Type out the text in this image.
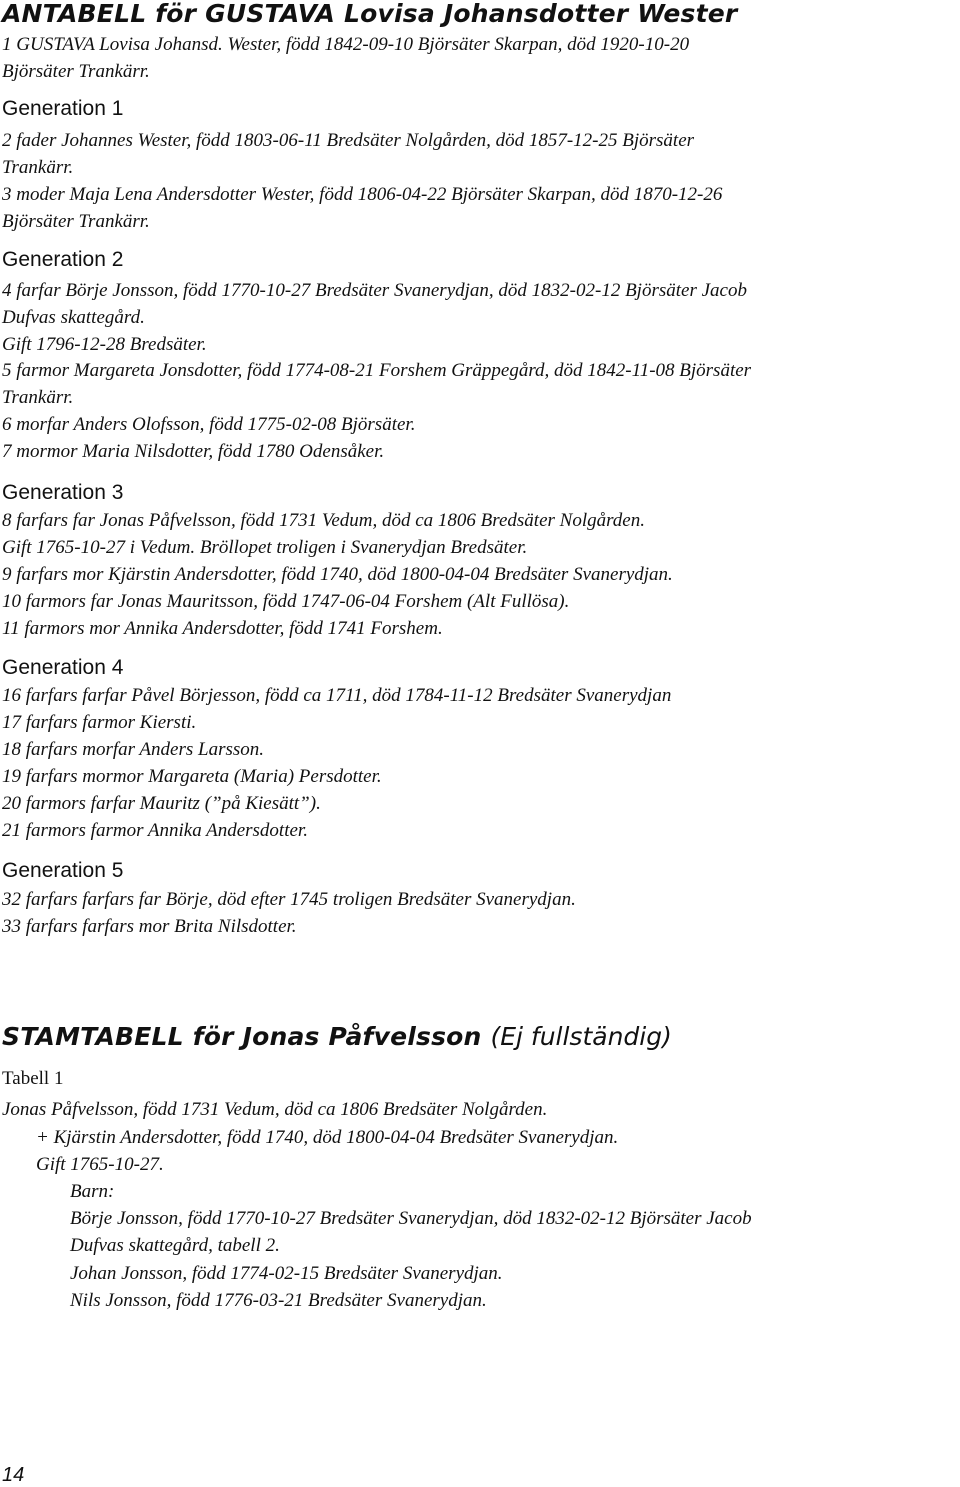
ANTABELL för GUSTAVA Lovisa Johansdotter Wester

1 GUSTAVA Lovisa Johansd. Wester, född 1842-09-10 Björsäter Skarpan, död 1920-10-20

Björsäter Trankärr.

Generation 1

2 fader Johannes Wester, född 1803-06-11 Bredsäter Nolgården, död 1857-12-25 Björsäter

Trankärr.

3 moder Maja Lena Andersdotter Wester, född 1806-04-22 Björsäter Skarpan, död 1870-12-26

Björsäter Trankärr.

Generation 2

4 farfar Börje Jonsson, född 1770-10-27 Bredsäter Svanerydjan, död 1832-02-12 Björsäter Jacob

Dufvas skattegård.

Gift 1796-12-28 Bredsäter.

5 farmor Margareta Jonsdotter, född 1774-08-21 Forshem Gräppegård, död 1842-11-08 Björsäter

Trankärr.

6 morfar Anders Olofsson, född 1775-02-08 Björsäter.

7 mormor Maria Nilsdotter, född 1780 Odensåker.

Generation 3

8 farfars far Jonas Påfvelsson, född 1731 Vedum, död ca 1806 Bredsäter Nolgården.

Gift 1765-10-27 i Vedum. Bröllopet troligen i Svanerydjan Bredsäter.

9 farfars mor Kjärstin Andersdotter, född 1740, död 1800-04-04 Bredsäter Svanerydjan.

10 farmors far Jonas Mauritsson, född 1747-06-04 Forshem (Alt Fullösa).

11 farmors mor Annika Andersdotter, född 1741 Forshem.

Generation 4

16 farfars farfar Påvel Börjesson, född ca 1711, död 1784-11-12 Bredsäter Svanerydjan

17 farfars farmor Kiersti.

18 farfars morfar Anders Larsson.

19 farfars mormor Margareta (Maria) Persdotter.

20 farmors farfar Mauritz (”på Kiesätt”).

21 farmors farmor Annika Andersdotter.

Generation 5

32 farfars farfars far Börje, död efter 1745 troligen Bredsäter Svanerydjan.

33 farfars farfars mor Brita Nilsdotter.

STAMTABELL för Jonas Påfvelsson (Ej fullständig)

Tabell 1

Jonas Påfvelsson, född 1731 Vedum, död ca 1806 Bredsäter Nolgården.

+ Kjärstin Andersdotter, född 1740, död 1800-04-04 Bredsäter Svanerydjan.

Gift 1765-10-27.

Barn:

Börje Jonsson, född 1770-10-27 Bredsäter Svanerydjan, död 1832-02-12 Björsäter Jacob

Dufvas skattegård, tabell 2.

Johan Jonsson, född 1774-02-15 Bredsäter Svanerydjan.

Nils Jonsson, född 1776-03-21 Bredsäter Svanerydjan.

14
